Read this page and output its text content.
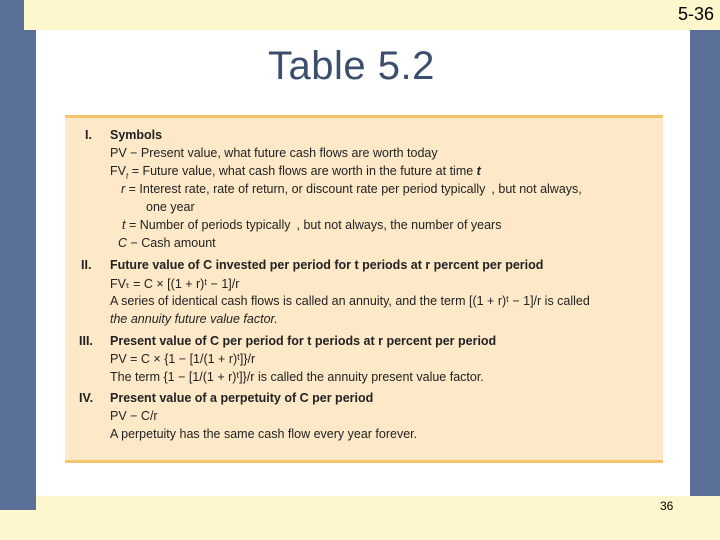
5-36
Table 5.2
36
I. Symbols
PV − Present value, what future cash flows are worth today
$FV_t$ = Future value, what cash flows are worth in the future at time t
r = Interest rate, rate of return, or discount rate per period typically , but not always,
one year
t = Number of periods typically , but not always, the number of years
C − Cash amount
II. Future value of C invested per period for t periods at r percent per period
FVₜ = C × [(1 + r)ᵗ − 1]/r
A series of identical cash flows is called an annuity, and the term [(1 + r)ᵗ − 1]/r is called
the annuity future value factor.
III. Present value of C per period for t periods at r percent per period
PV = C × {1 − [1/(1 + r)ᵗ]}/r
The term {1 − [1/(1 + r)ᵗ]}/r is called the annuity present value factor.
IV. Present value of a perpetuity of C per period
PV − C/r
A perpetuity has the same cash flow every year forever.
